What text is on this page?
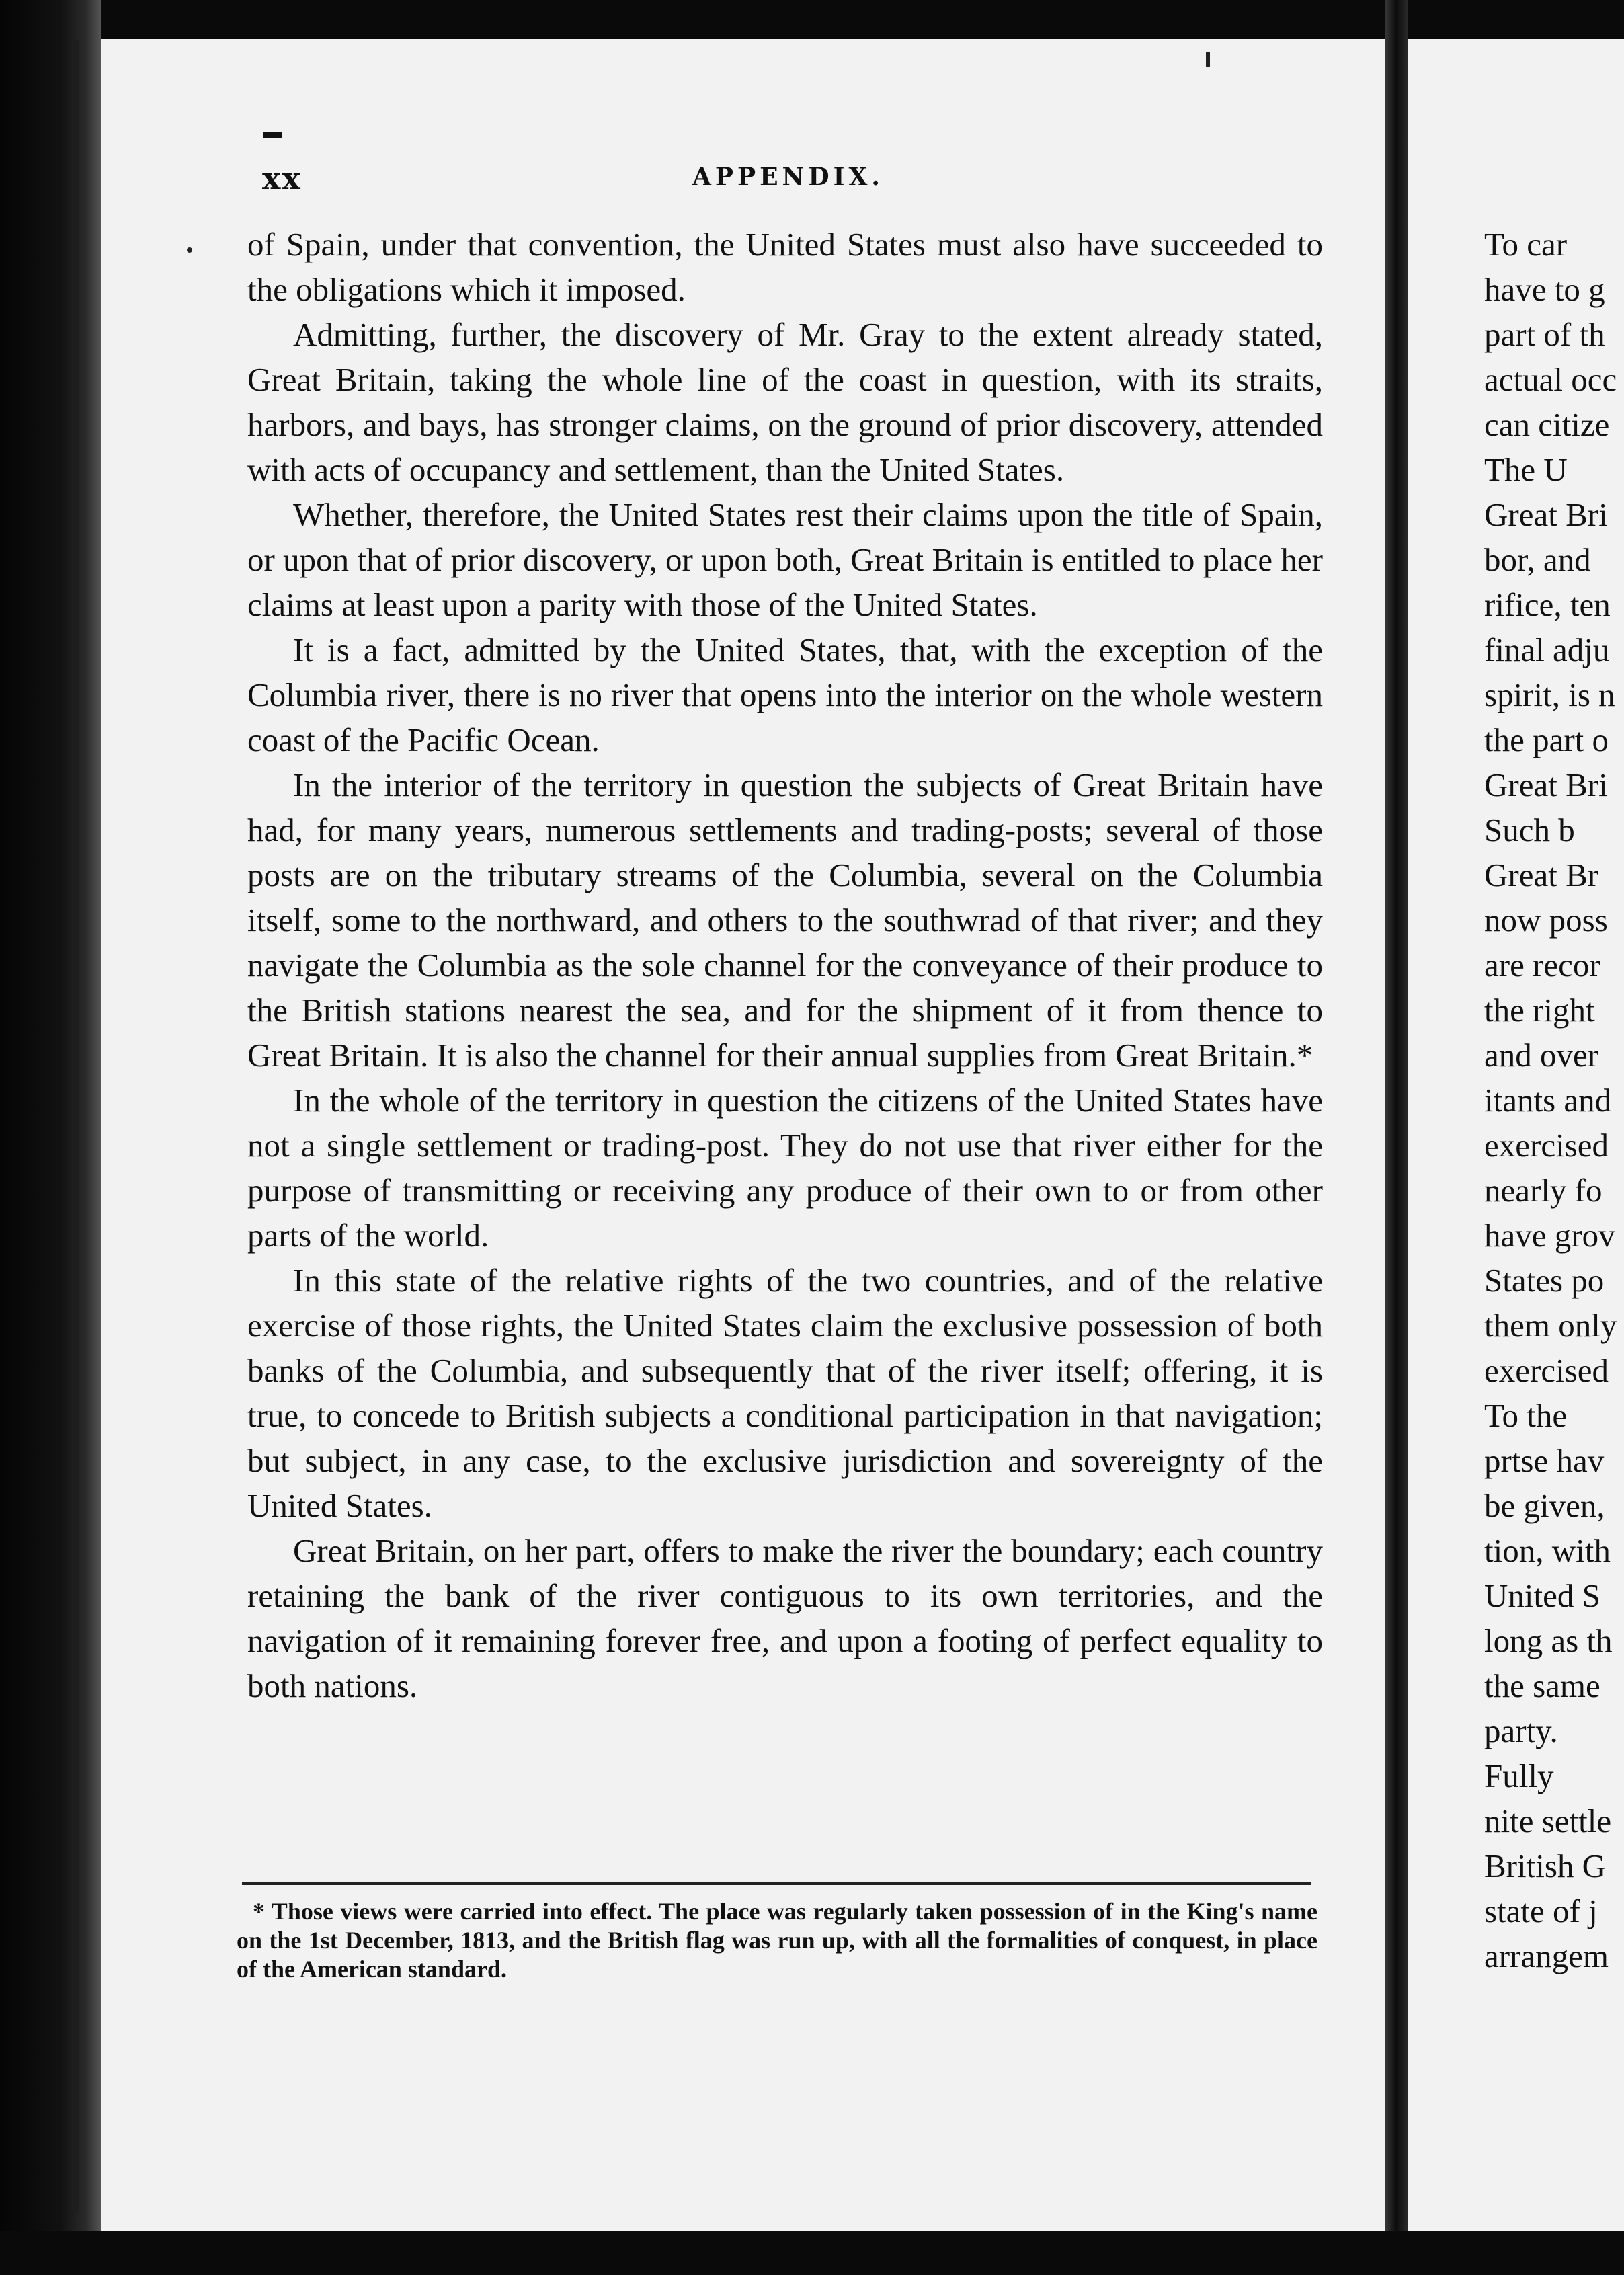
xx	APPENDIX.

of Spain, under that convention, the United States must also have succeeded to the obligations which it imposed.

Admitting, further, the discovery of Mr. Gray to the extent already stated, Great Britain, taking the whole line of the coast in question, with its straits, harbors, and bays, has stronger claims, on the ground of prior discovery, attended with acts of occupancy and settlement, than the United States.

Whether, therefore, the United States rest their claims upon the title of Spain, or upon that of prior discovery, or upon both, Great Britain is entitled to place her claims at least upon a parity with those of the United States.

It is a fact, admitted by the United States, that, with the exception of the Columbia river, there is no river that opens into the interior on the whole western coast of the Pacific Ocean.

In the interior of the territory in question the subjects of Great Britain have had, for many years, numerous settlements and trading-posts; several of those posts are on the tributary streams of the Columbia, several on the Columbia itself, some to the northward, and others to the southwrad of that river; and they navigate the Columbia as the sole channel for the conveyance of their produce to the British stations nearest the sea, and for the shipment of it from thence to Great Britain. It is also the channel for their annual supplies from Great Britain.*

In the whole of the territory in question the citizens of the United States have not a single settlement or trading-post. They do not use that river either for the purpose of transmitting or receiving any produce of their own to or from other parts of the world.

In this state of the relative rights of the two countries, and of the relative exercise of those rights, the United States claim the exclusive possession of both banks of the Columbia, and subsequently that of the river itself; offering, it is true, to concede to British subjects a conditional participation in that navigation; but subject, in any case, to the exclusive jurisdiction and sovereignty of the United States.

Great Britain, on her part, offers to make the river the boundary; each country retaining the bank of the river contiguous to its own territories, and the navigation of it remaining forever free, and upon a footing of perfect equality to both nations.

* Those views were carried into effect. The place was regularly taken possession of in the King's name on the 1st December, 1813, and the British flag was run up, with all the formalities of conquest, in place of the American standard.

To car
have to g
part of th
actual occ
can citize
The U
Great Bri
bor, and
rifice, ten
final adju
spirit, is n
the part o
Great Bri
Such b
Great Br
now poss
are recor
the right
and over
itants and
exercised
nearly fo
have grov
States po
them only
exercised
To the
prtse hav
be given,
tion, with
United S
long as th
the same
party.
Fully
nite settle
British G
state of j
arrangem
